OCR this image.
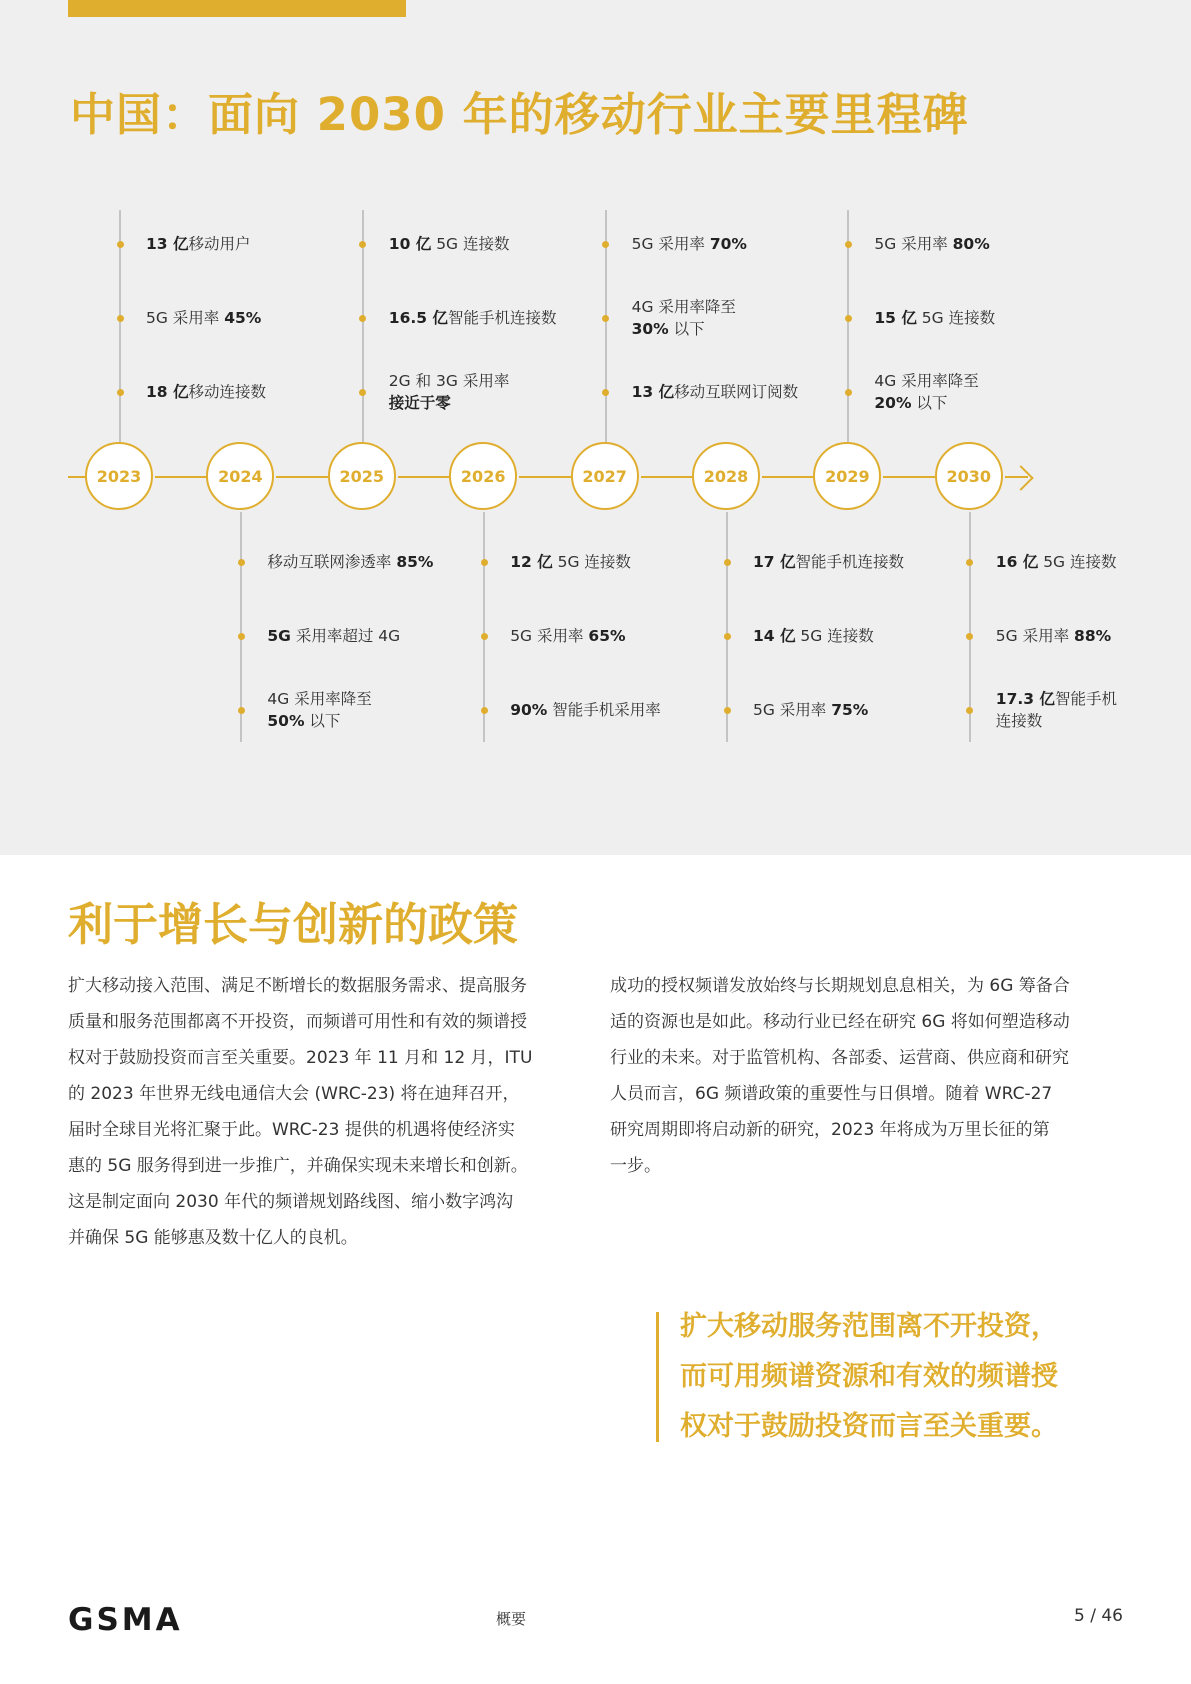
中国：面向 2030 年的移动行业主要里程碑
13 亿移动用户
5G 采用率 45%
18 亿移动连接数
10 亿 5G 连接数
16.5 亿智能手机连接数
2G 和 3G 采用率
接近于零
5G 采用率 70%
4G 采用率降至
30% 以下
13 亿移动互联网订阅数
5G 采用率 80%
15 亿 5G 连接数
4G 采用率降至
20% 以下
移动互联网渗透率 85%
5G 采用率超过 4G
4G 采用率降至
50% 以下
12 亿 5G 连接数
5G 采用率 65%
90% 智能手机采用率
17 亿智能手机连接数
14 亿 5G 连接数
5G 采用率 75%
16 亿 5G 连接数
5G 采用率 88%
17.3 亿智能手机
连接数
2023	2024	2025	2026	2027	2028	2029	2030
利于增长与创新的政策
扩大移动接入范围、满足不断增长的数据服务需求、提高服务
质量和服务范围都离不开投资，而频谱可用性和有效的频谱授
权对于鼓励投资而言至关重要。2023 年 11 月和 12 月，ITU
的 2023 年世界无线电通信大会 (WRC-23) 将在迪拜召开，
届时全球目光将汇聚于此。WRC-23 提供的机遇将使经济实
惠的 5G 服务得到进一步推广，并确保实现未来增长和创新。
这是制定面向 2030 年代的频谱规划路线图、缩小数字鸿沟
并确保 5G 能够惠及数十亿人的良机。
成功的授权频谱发放始终与长期规划息息相关，为 6G 筹备合
适的资源也是如此。移动行业已经在研究 6G 将如何塑造移动
行业的未来。对于监管机构、各部委、运营商、供应商和研究
人员而言，6G 频谱政策的重要性与日俱增。随着 WRC-27
研究周期即将启动新的研究，2023 年将成为万里长征的第
一步。
扩大移动服务范围离不开投资，
而可用频谱资源和有效的频谱授
权对于鼓励投资而言至关重要。
G S M A	概要	5 / 46
